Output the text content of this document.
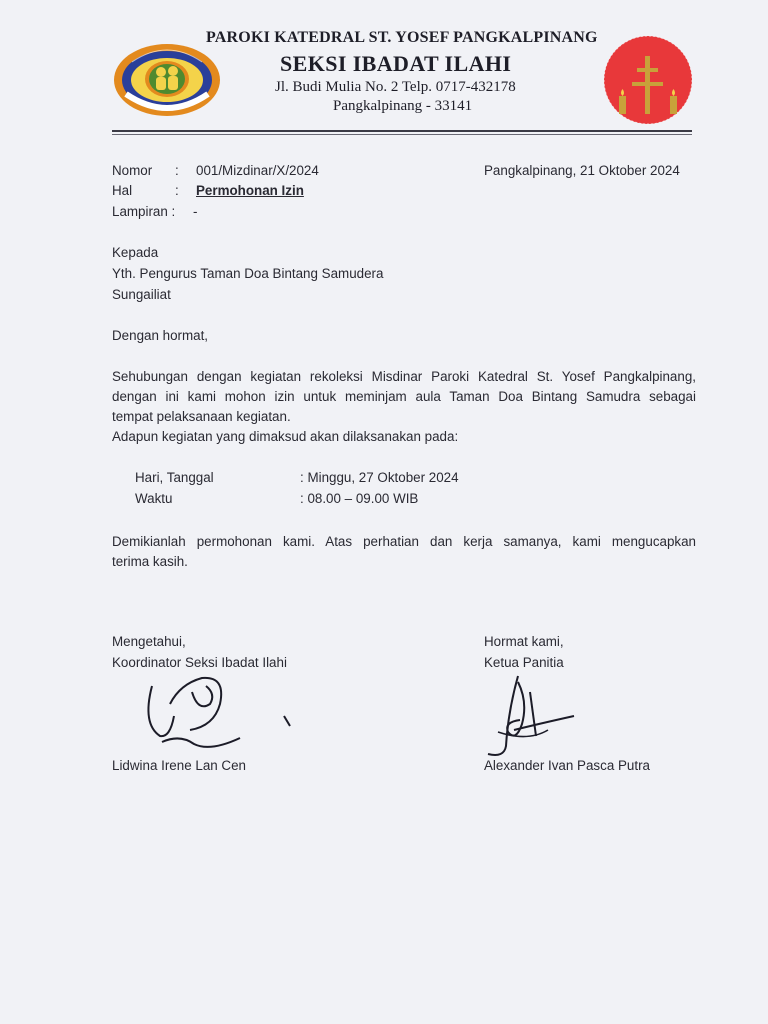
PAROKI KATEDRAL ST. YOSEF PANGKALPINANG
SEKSI IBADAT ILAHI
Jl. Budi Mulia No. 2 Telp. 0717-432178
Pangkalpinang - 33141
Nomor : 001/Mizdinar/X/2024
Hal	: Permohonan Izin
Lampiran : -
Pangkalpinang, 21 Oktober 2024
Kepada
Yth. Pengurus Taman Doa Bintang Samudera
Sungailiat
Dengan hormat,
Sehubungan dengan kegiatan rekoleksi Misdinar Paroki Katedral St. Yosef Pangkalpinang,
dengan ini kami mohon izin untuk meminjam aula Taman Doa Bintang Samudra sebagai
tempat pelaksanaan kegiatan.
Adapun kegiatan yang dimaksud akan dilaksanakan pada:
Hari, Tanggal	: Minggu, 27 Oktober 2024
Waktu	: 08.00 – 09.00 WIB
Demikianlah permohonan kami. Atas perhatian dan kerja samanya, kami mengucapkan
terima kasih.
Mengetahui,
Koordinator Seksi Ibadat Ilahi
Hormat kami,
Ketua Panitia
Lidwina Irene Lan Cen	Alexander Ivan Pasca Putra
